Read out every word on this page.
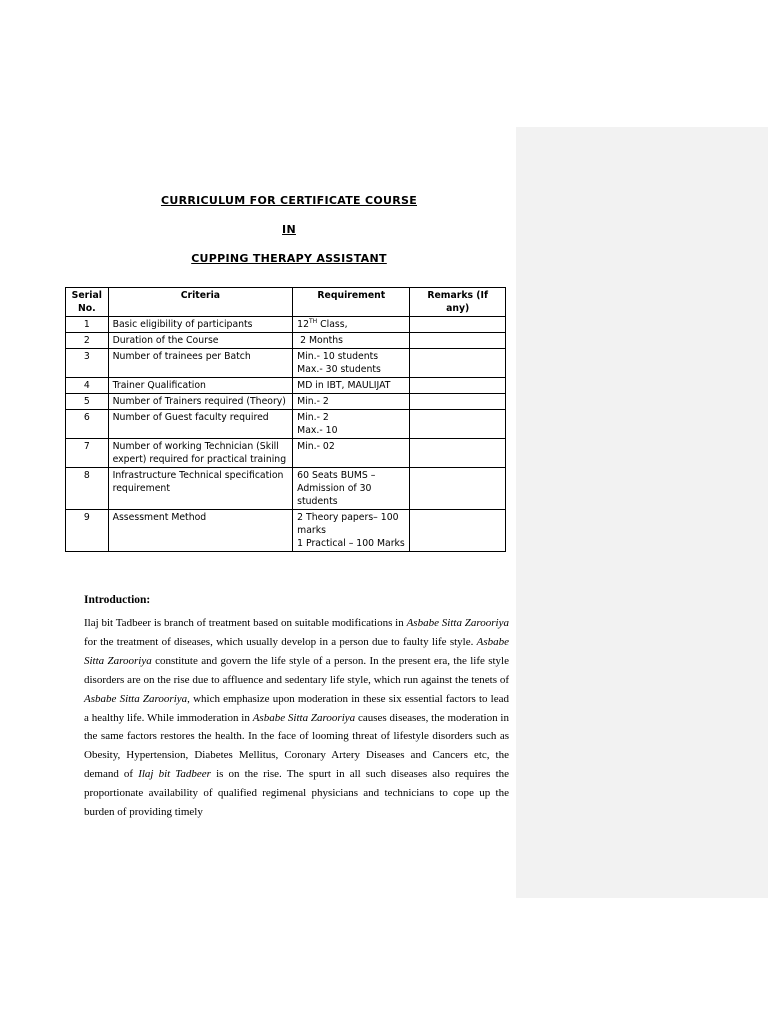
CURRICULUM FOR CERTIFICATE COURSE
IN
CUPPING THERAPY ASSISTANT
Serial No.	Criteria	Requirement	Remarks (If any)
1	Basic eligibility of participants	12TH Class,	
2	Duration of the Course	2 Months	
3	Number of trainees per Batch	Min.- 10 students
Max.- 30 students	

4	Trainer Qualification	MD in IBT, MAULIJAT	
5	Number of Trainers required (Theory)	Min.- 2	
6	Number of Guest faculty required	Min.- 2
Max.- 10	

7	Number of working Technician (Skill expert) required for practical training	Min.- 02	
8	Infrastructure Technical specification requirement	60 Seats BUMS – Admission of 30 students	
9	Assessment Method	2 Theory papers– 100 marks
1 Practical – 100 Marks	

Introduction:

Ilaj bit Tadbeer is branch of treatment based on suitable modifications in Asbabe Sitta Zarooriya for the treatment of diseases, which usually develop in a person due to faulty life style. Asbabe Sitta Zarooriya constitute and govern the life style of a person. In the present era, the life style disorders are on the rise due to affluence and sedentary life style, which run against the tenets of Asbabe Sitta Zarooriya, which emphasize upon moderation in these six essential factors to lead a healthy life. While immoderation in Asbabe Sitta Zarooriya causes diseases, the moderation in the same factors restores the health. In the face of looming threat of lifestyle disorders such as Obesity, Hypertension, Diabetes Mellitus, Coronary Artery Diseases and Cancers etc, the demand of Ilaj bit Tadbeer is on the rise. The spurt in all such diseases also requires the proportionate availability of qualified regimenal physicians and technicians to cope up the burden of providing timely
